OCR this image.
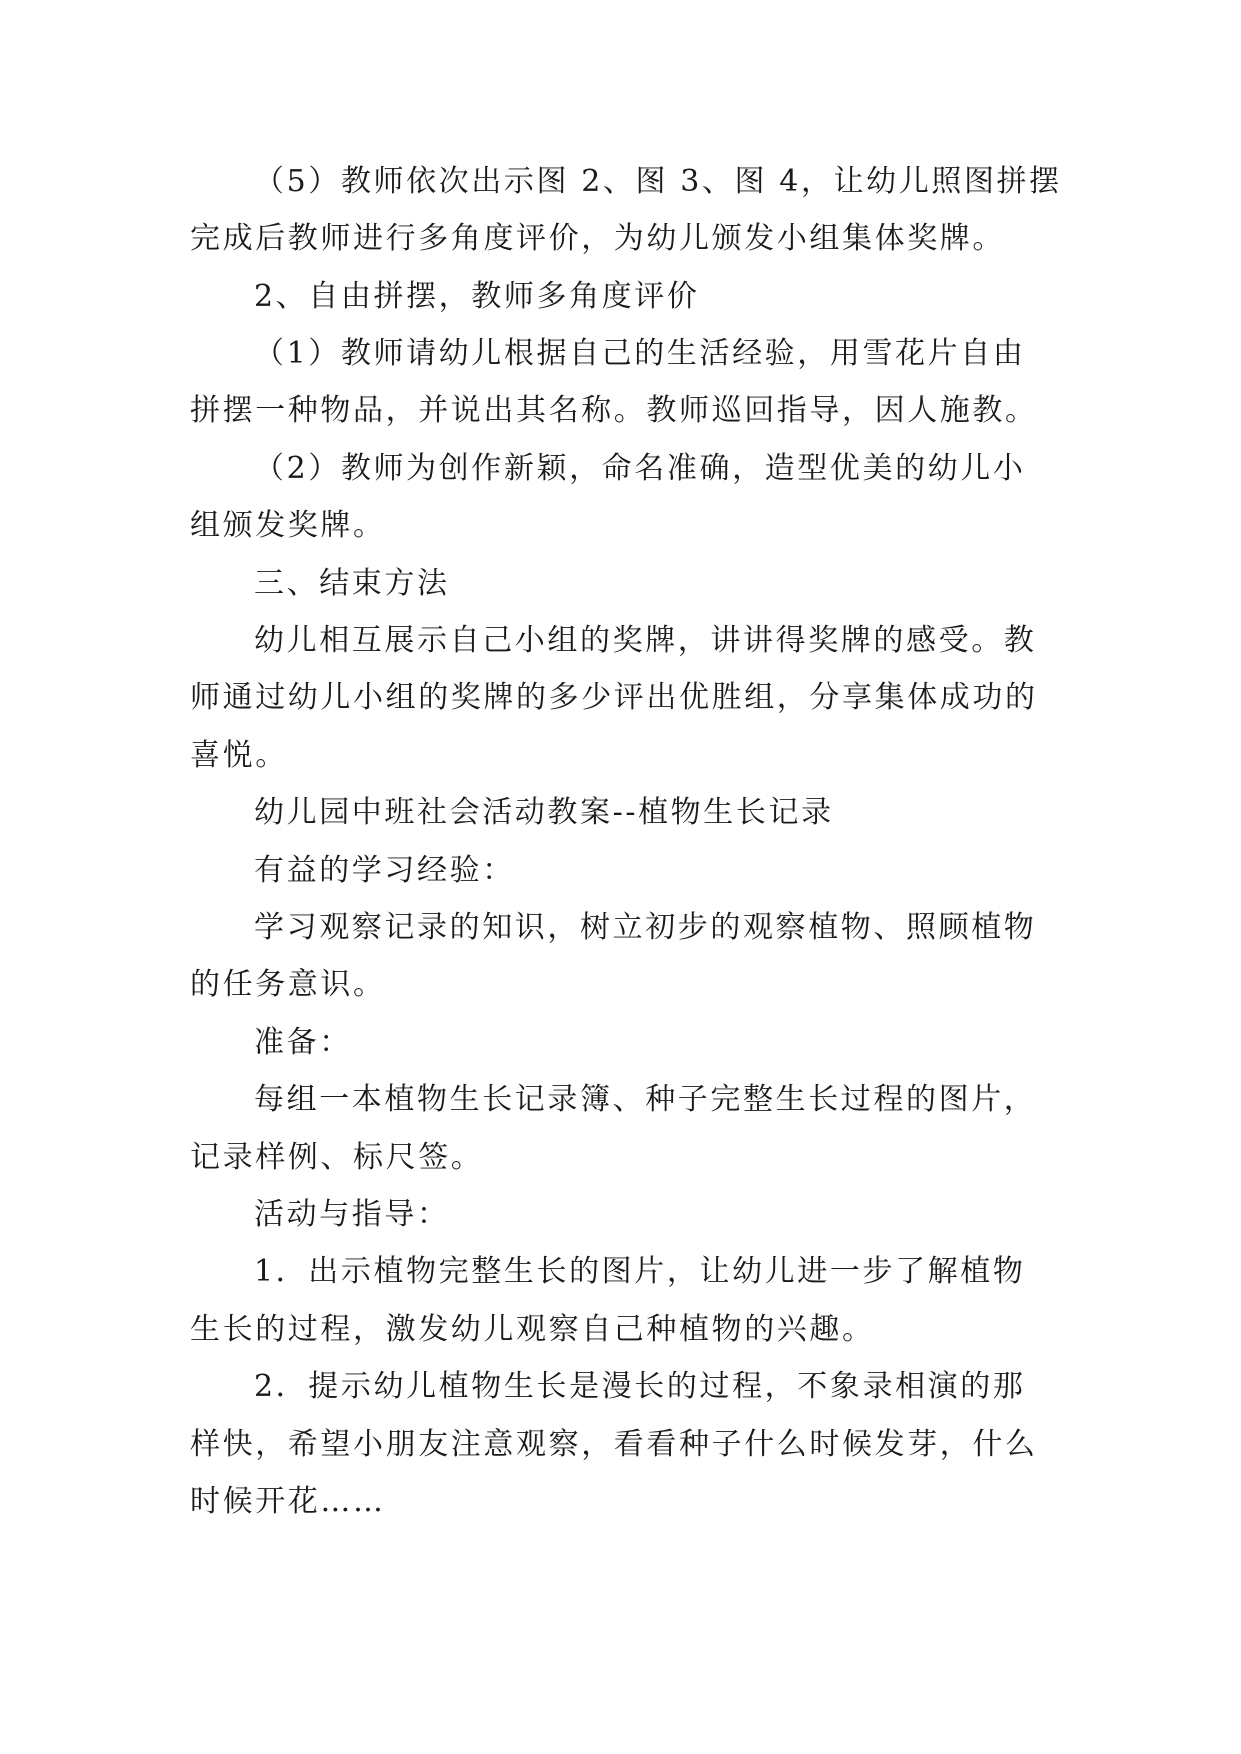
（5）教师依次出示图 2、图 3、图 4，让幼儿照图拼摆
完成后教师进行多角度评价，为幼儿颁发小组集体奖牌。
2、自由拼摆，教师多角度评价
（1）教师请幼儿根据自己的生活经验，用雪花片自由
拼摆一种物品，并说出其名称。教师巡回指导，因人施教。
（2）教师为创作新颖，命名准确，造型优美的幼儿小
组颁发奖牌。
三、结束方法
幼儿相互展示自己小组的奖牌，讲讲得奖牌的感受。教
师通过幼儿小组的奖牌的多少评出优胜组，分享集体成功的
喜悦。
幼儿园中班社会活动教案--植物生长记录
有益的学习经验：
学习观察记录的知识，树立初步的观察植物、照顾植物
的任务意识。
准备：
每组一本植物生长记录簿、种子完整生长过程的图片，
记录样例、标尺签。
活动与指导：
1．出示植物完整生长的图片，让幼儿进一步了解植物
生长的过程，激发幼儿观察自己种植物的兴趣。
2．提示幼儿植物生长是漫长的过程，不象录相演的那
样快，希望小朋友注意观察，看看种子什么时候发芽，什么
时候开花……
